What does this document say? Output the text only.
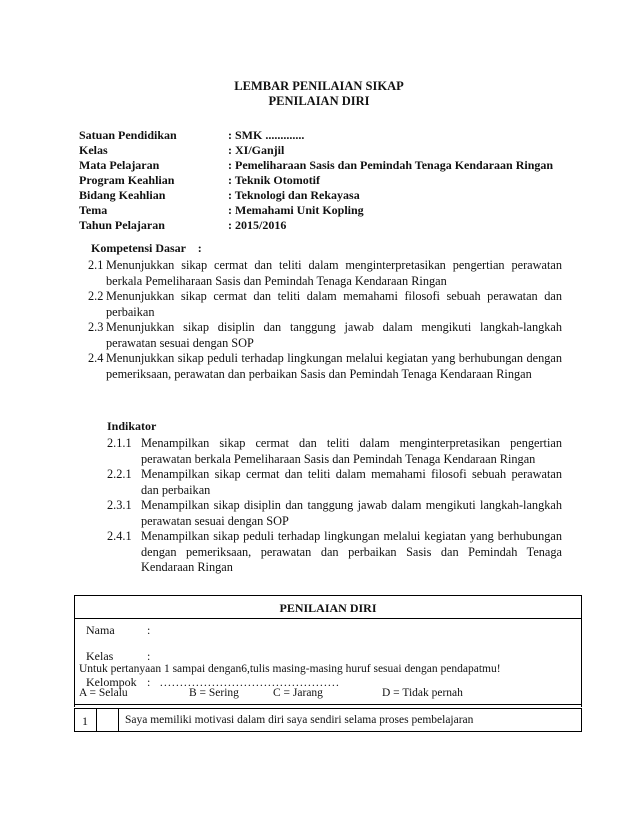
LEMBAR PENILAIAN SIKAP
PENILAIAN DIRI
Satuan Pendidikan	: SMK .............
Kelas	: XI/Ganjil
Mata Pelajaran	: Pemeliharaan Sasis dan Pemindah Tenaga Kendaraan Ringan
Program Keahlian	: Teknik Otomotif
Bidang Keahlian	: Teknologi dan Rekayasa
Tema	: Memahami Unit Kopling
Tahun Pelajaran	: 2015/2016
Kompetensi Dasar    :
2.1 Menunjukkan sikap cermat dan teliti dalam menginterpretasikan pengertian perawatan berkala Pemeliharaan Sasis dan Pemindah Tenaga Kendaraan Ringan
2.2 Menunjukkan sikap cermat dan teliti dalam memahami filosofi sebuah perawatan dan perbaikan
2.3 Menunjukkan sikap disiplin dan tanggung jawab dalam mengikuti langkah-langkah perawatan sesuai dengan SOP
2.4 Menunjukkan sikap peduli terhadap lingkungan melalui kegiatan yang berhubungan dengan pemeriksaan, perawatan dan perbaikan Sasis dan Pemindah Tenaga Kendaraan Ringan
Indikator
2.1.1 Menampilkan sikap cermat dan teliti dalam menginterpretasikan pengertian perawatan berkala Pemeliharaan Sasis dan Pemindah Tenaga Kendaraan Ringan
2.2.1 Menampilkan sikap cermat dan teliti dalam memahami filosofi sebuah perawatan dan perbaikan
2.3.1 Menampilkan sikap disiplin dan tanggung jawab dalam mengikuti langkah-langkah perawatan sesuai dengan SOP
2.4.1 Menampilkan sikap peduli terhadap lingkungan melalui kegiatan yang berhubungan dengan pemeriksaan, perawatan dan perbaikan Sasis dan Pemindah Tenaga Kendaraan Ringan
PENILAIAN DIRI
Nama	:
Kelas	:
Kelompok :   ………………………………………
Untuk pertanyaan 1 sampai dengan6,tulis masing-masing huruf sesuai dengan pendapatmu!
A = Selalu	B = Sering	C = Jarang	D = Tidak pernah
1	Saya memiliki motivasi dalam diri saya sendiri selama proses pembelajaran
